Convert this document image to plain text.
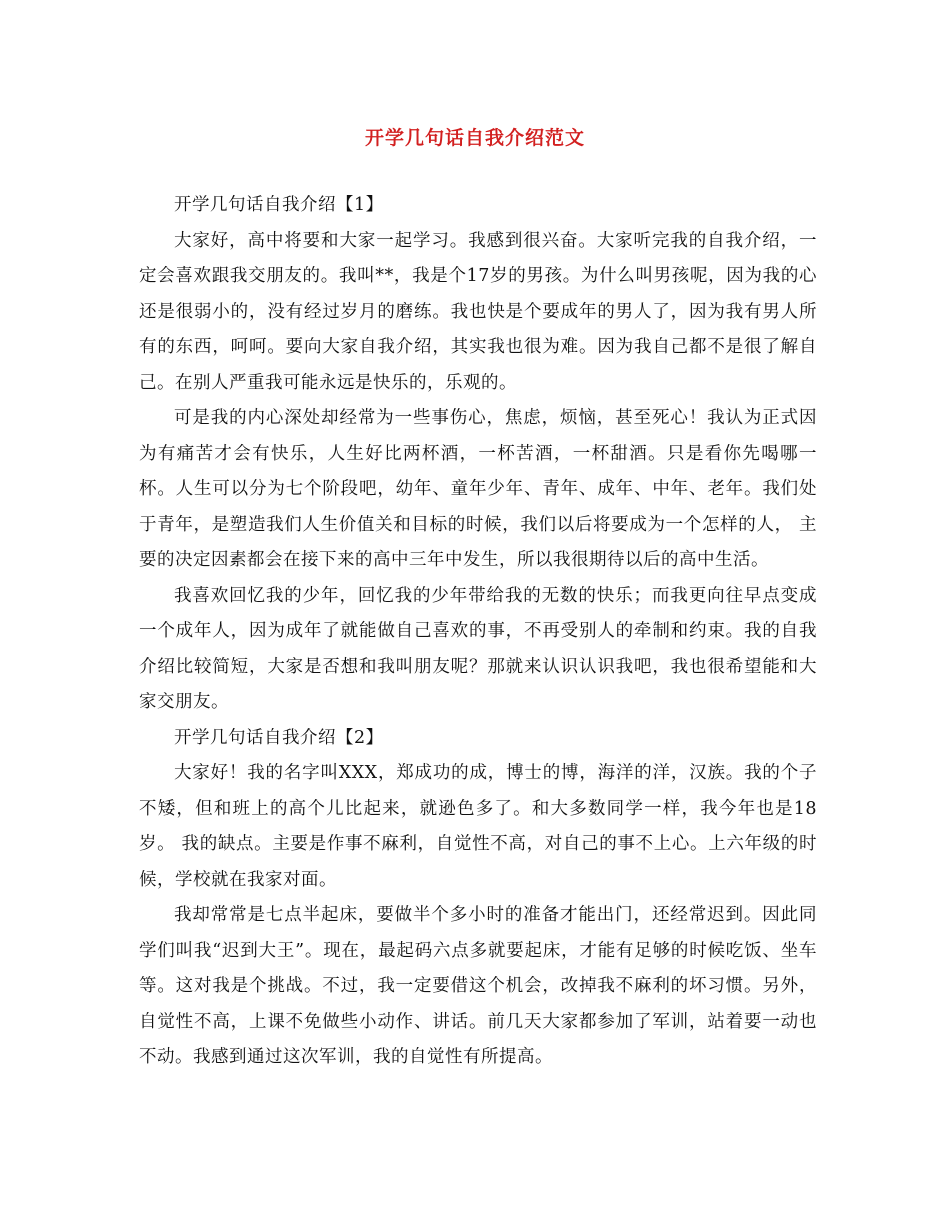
开学几句话自我介绍范文

开学几句话自我介绍【1】

大家好，高中将要和大家一起学习。我感到很兴奋。大家听完我的自我介绍，一定会喜欢跟我交朋友的。我叫**，我是个17岁的男孩。为什么叫男孩呢，因为我的心还是很弱小的，没有经过岁月的磨练。我也快是个要成年的男人了，因为我有男人所有的东西，呵呵。要向大家自我介绍，其实我也很为难。因为我自己都不是很了解自己。在别人严重我可能永远是快乐的，乐观的。

可是我的内心深处却经常为一些事伤心，焦虑，烦恼，甚至死心！我认为正式因为有痛苦才会有快乐，人生好比两杯酒，一杯苦酒，一杯甜酒。只是看你先喝哪一杯。人生可以分为七个阶段吧，幼年、童年少年、青年、成年、中年、老年。我们处于青年，是塑造我们人生价值关和目标的时候，我们以后将要成为一个怎样的人， 主要的决定因素都会在接下来的高中三年中发生，所以我很期待以后的高中生活。

我喜欢回忆我的少年，回忆我的少年带给我的无数的快乐；而我更向往早点变成一个成年人，因为成年了就能做自己喜欢的事，不再受别人的牵制和约束。我的自我介绍比较简短，大家是否想和我叫朋友呢？那就来认识认识我吧，我也很希望能和大家交朋友。

开学几句话自我介绍【2】

大家好！我的名字叫XXX，郑成功的成，博士的博，海洋的洋，汉族。我的个子不矮，但和班上的高个儿比起来，就逊色多了。和大多数同学一样，我今年也是18岁。 我的缺点。主要是作事不麻利，自觉性不高，对自己的事不上心。上六年级的时候，学校就在我家对面。

我却常常是七点半起床，要做半个多小时的准备才能出门，还经常迟到。因此同学们叫我“迟到大王”。现在，最起码六点多就要起床，才能有足够的时候吃饭、坐车等。这对我是个挑战。不过，我一定要借这个机会，改掉我不麻利的坏习惯。另外，自觉性不高，上课不免做些小动作、讲话。前几天大家都参加了军训，站着要一动也不动。我感到通过这次军训，我的自觉性有所提高。
